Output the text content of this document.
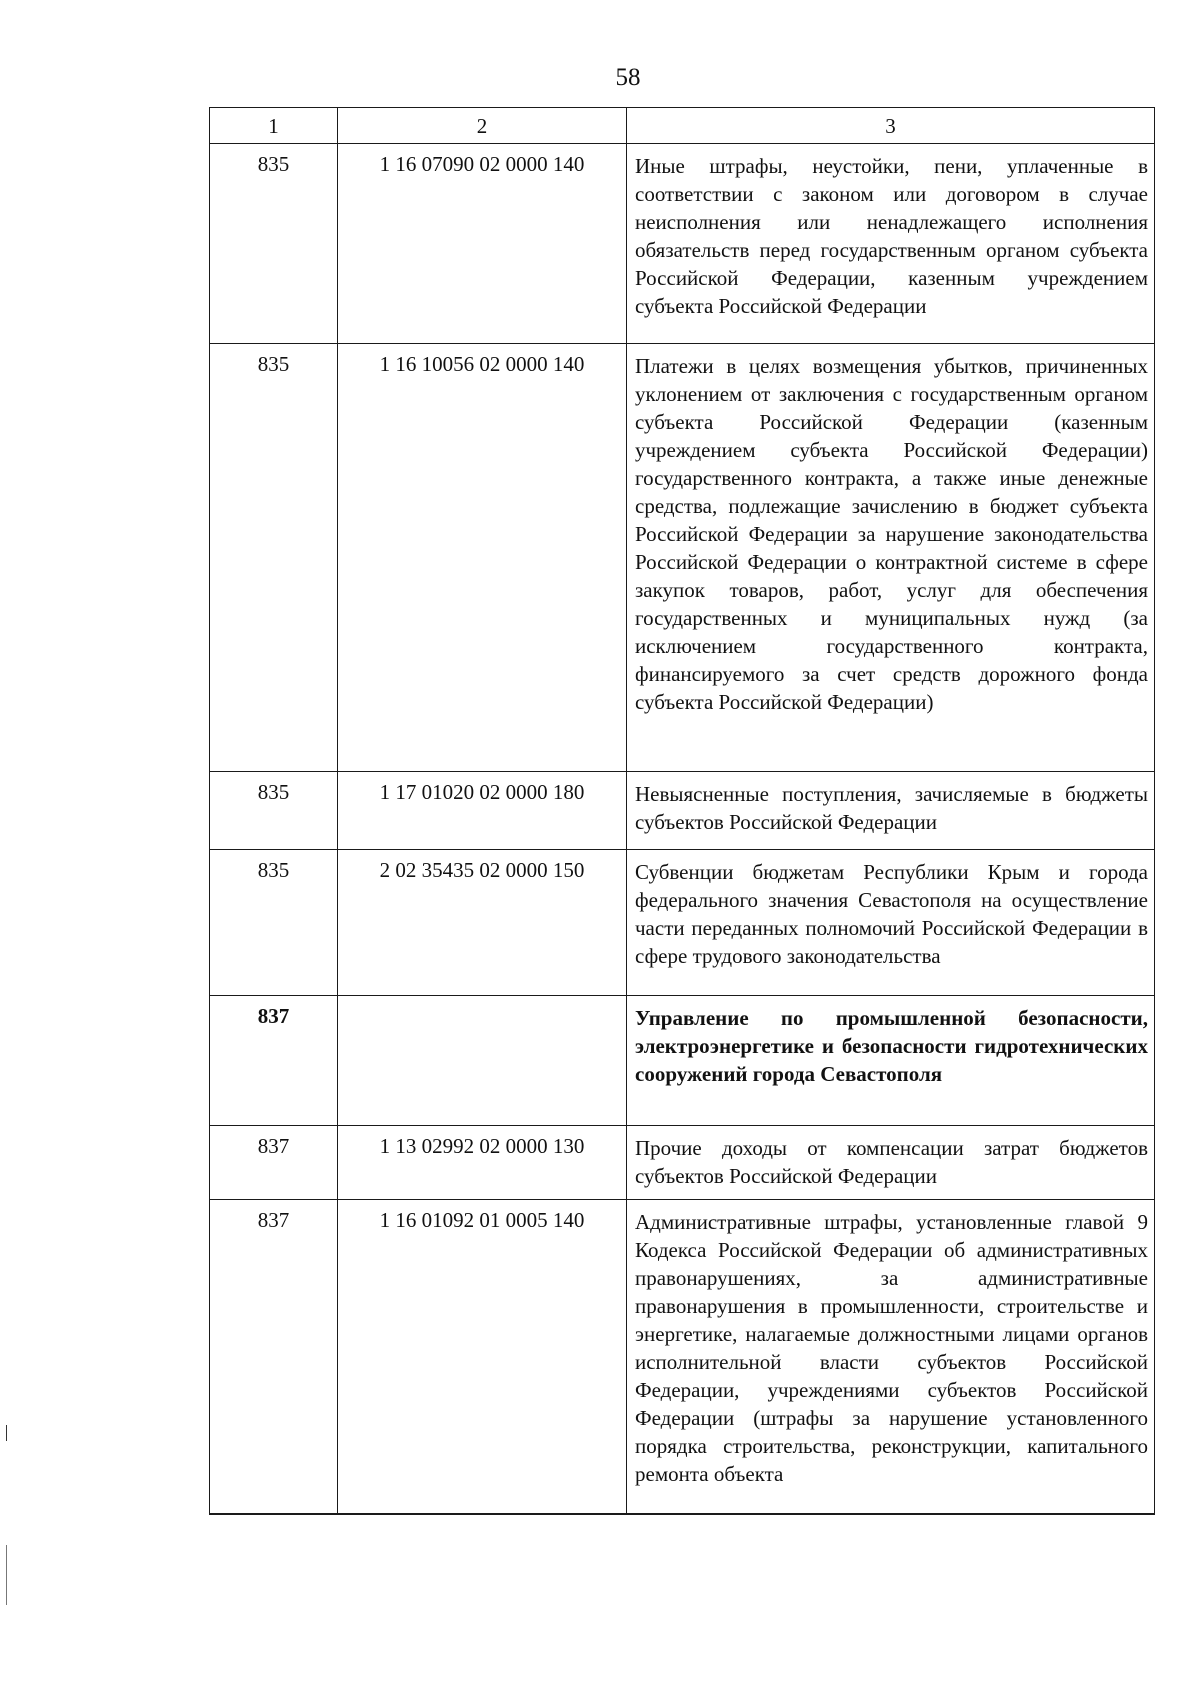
58
1	2	3
835	1 16 07090 02 0000 140	Иные штрафы, неустойки, пени, уплаченные в соответствии с законом или договором в случае неисполнения или ненадлежащего исполнения обязательств перед государственным органом субъекта Российской Федерации, казенным учреждением субъекта Российской Федерации
835	1 16 10056 02 0000 140	Платежи в целях возмещения убытков, причиненных уклонением от заключения с государственным органом субъекта Российской Федерации (казенным учреждением субъекта Российской Федерации) государственного контракта, а также иные денежные средства, подлежащие зачислению в бюджет субъекта Российской Федерации за нарушение законодательства Российской Федерации о контрактной системе в сфере закупок товаров, работ, услуг для обеспечения государственных и муниципальных нужд (за исключением государственного контракта, финансируемого за счет средств дорожного фонда субъекта Российской Федерации)
835	1 17 01020 02 0000 180	Невыясненные поступления, зачисляемые в бюджеты субъектов Российской Федерации
835	2 02 35435 02 0000 150	Субвенции бюджетам Республики Крым и города федерального значения Севастополя на осуществление части переданных полномочий Российской Федерации в сфере трудового законодательства
837		Управление по промышленной безопасности, электроэнергетике и безопасности гидротехнических сооружений города Севастополя
837	1 13 02992 02 0000 130	Прочие доходы от компенсации затрат бюджетов субъектов Российской Федерации
837	1 16 01092 01 0005 140	Административные штрафы, установленные главой 9 Кодекса Российской Федерации об административных правонарушениях, за административные правонарушения в промышленности, строительстве и энергетике, налагаемые должностными лицами органов исполнительной власти субъектов Российской Федерации, учреждениями субъектов Российской Федерации (штрафы за нарушение установленного порядка строительства, реконструкции, капитального ремонта объекта
